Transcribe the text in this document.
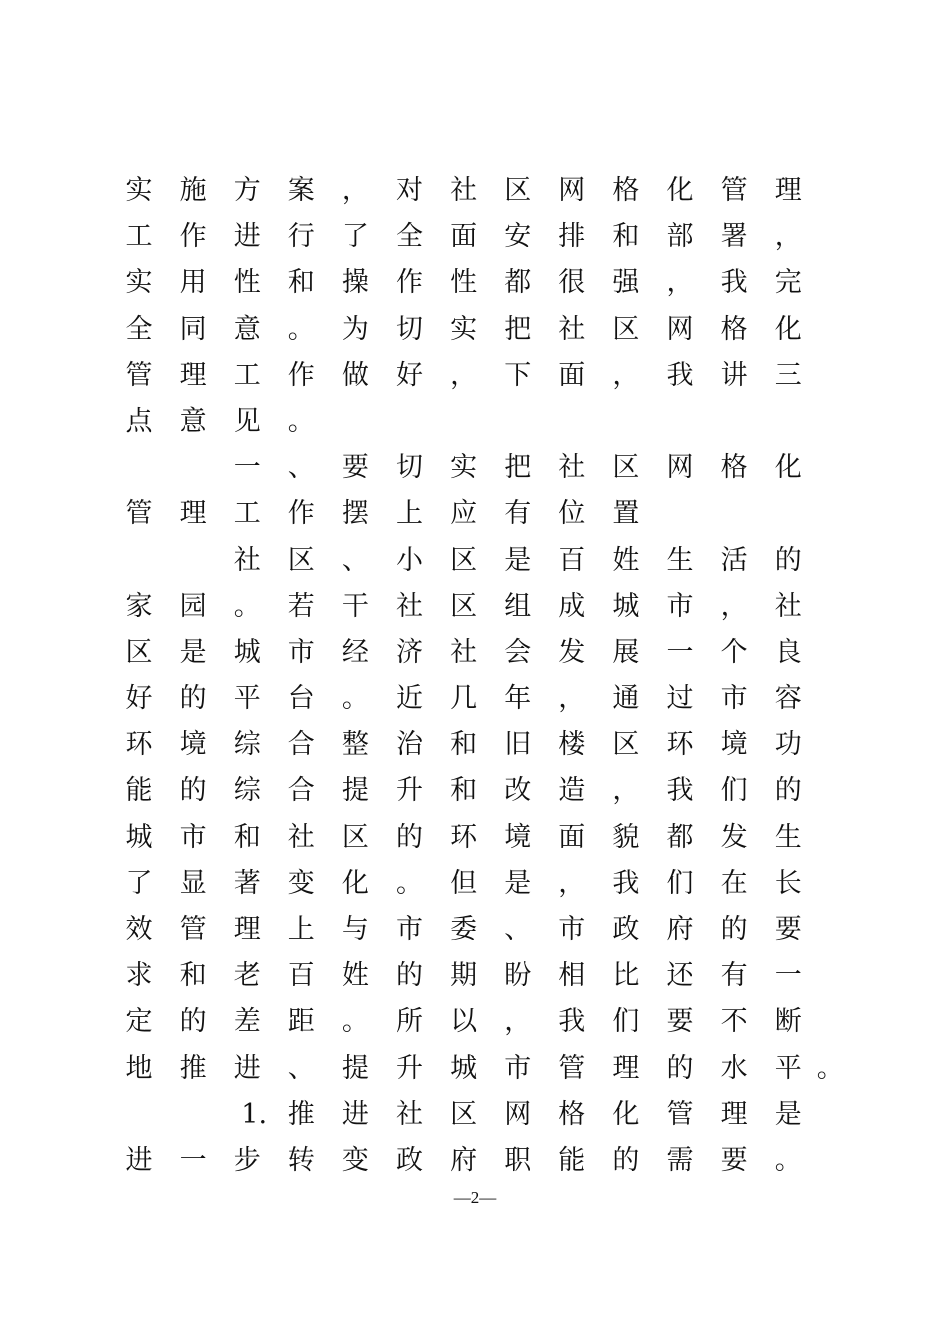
实 施 方 案 ， 对 社 区 网 格 化 管 理
工 作 进 行 了 全 面 安 排 和 部 署 ，
实 用 性 和 操 作 性 都 很 强 ， 我 完
全 同 意 。 为 切 实 把 社 区 网 格 化
管 理 工 作 做 好 ， 下 面 ， 我 讲 三
点 意 见 。
一 、 要 切 实 把 社 区 网 格 化
管 理 工 作 摆 上 应 有 位 置
社 区 、 小 区 是 百 姓 生 活 的
家 园 。 若 干 社 区 组 成 城 市 ， 社
区 是 城 市 经 济 社 会 发 展 一 个 良
好 的 平 台 。 近 几 年 ， 通 过 市 容
环 境 综 合 整 治 和 旧 楼 区 环 境 功
能 的 综 合 提 升 和 改 造 ， 我 们 的
城 市 和 社 区 的 环 境 面 貌 都 发 生
了 显 著 变 化 。 但 是 ， 我 们 在 长
效 管 理 上 与 市 委 、 市 政 府 的 要
求 和 老 百 姓 的 期 盼 相 比 还 有 一
定 的 差 距 。 所 以 ， 我 们 要 不 断
地 推 进 、 提 升 城 市 管 理 的 水 平 。
1. 推 进 社 区 网 格 化 管 理 是
进 一 步 转 变 政 府 职 能 的 需 要 。
—2—
